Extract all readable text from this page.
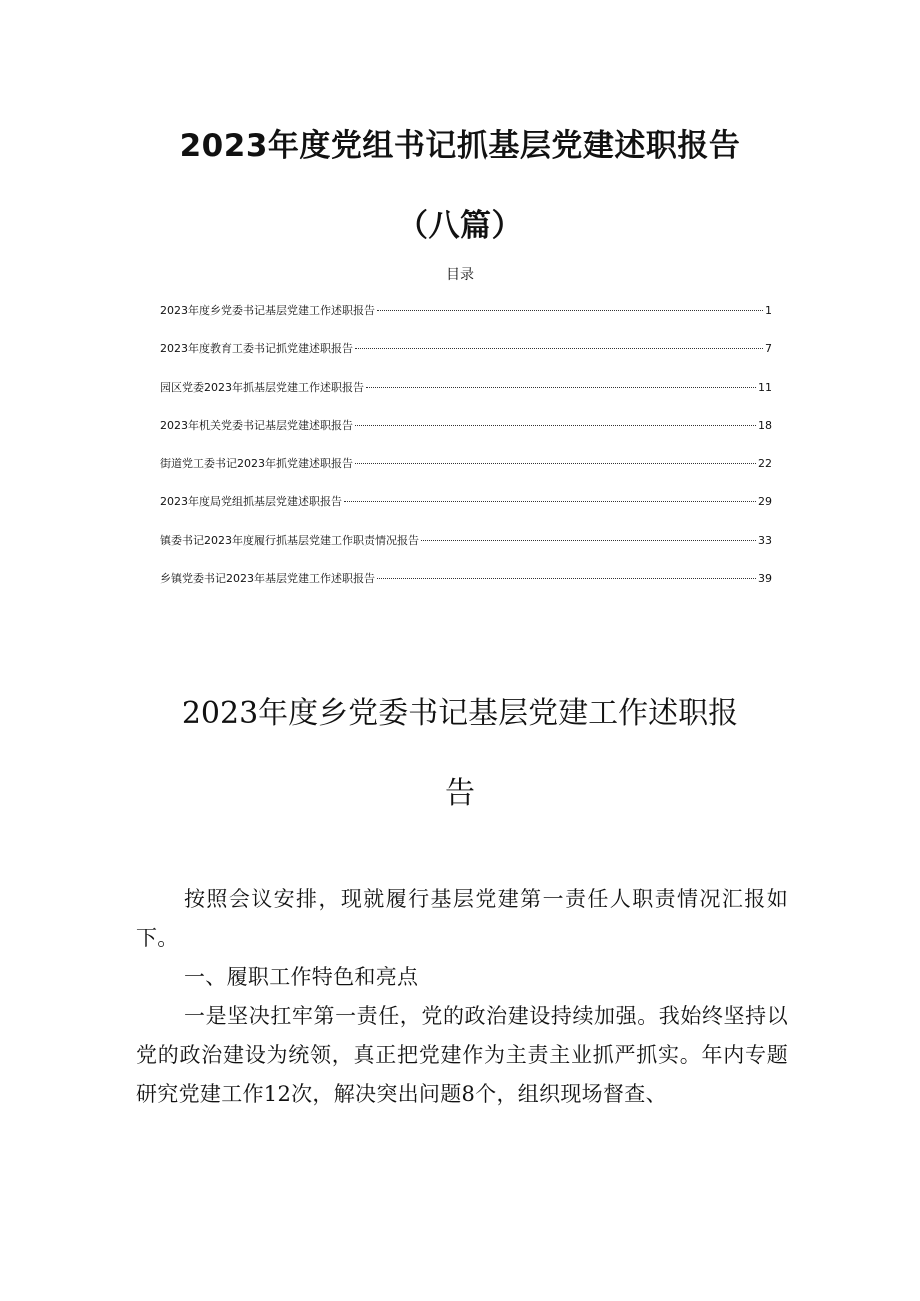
2023年度党组书记抓基层党建述职报告
（八篇）

目录

2023年度乡党委书记基层党建工作述职报告	1
2023年度教育工委书记抓党建述职报告	7
园区党委2023年抓基层党建工作述职报告	11
2023年机关党委书记基层党建述职报告	18
街道党工委书记2023年抓党建述职报告	22
2023年度局党组抓基层党建述职报告	29
镇委书记2023年度履行抓基层党建工作职责情况报告	33
乡镇党委书记2023年基层党建工作述职报告	39
2023年度乡党委书记基层党建工作述职报
告

按照会议安排，现就履行基层党建第一责任人职责情况汇报如下。

一、履职工作特色和亮点

一是坚决扛牢第一责任，党的政治建设持续加强。我始终坚持以党的政治建设为统领，真正把党建作为主责主业抓严抓实。年内专题研究党建工作12次，解决突出问题8个，组织现场督查、
